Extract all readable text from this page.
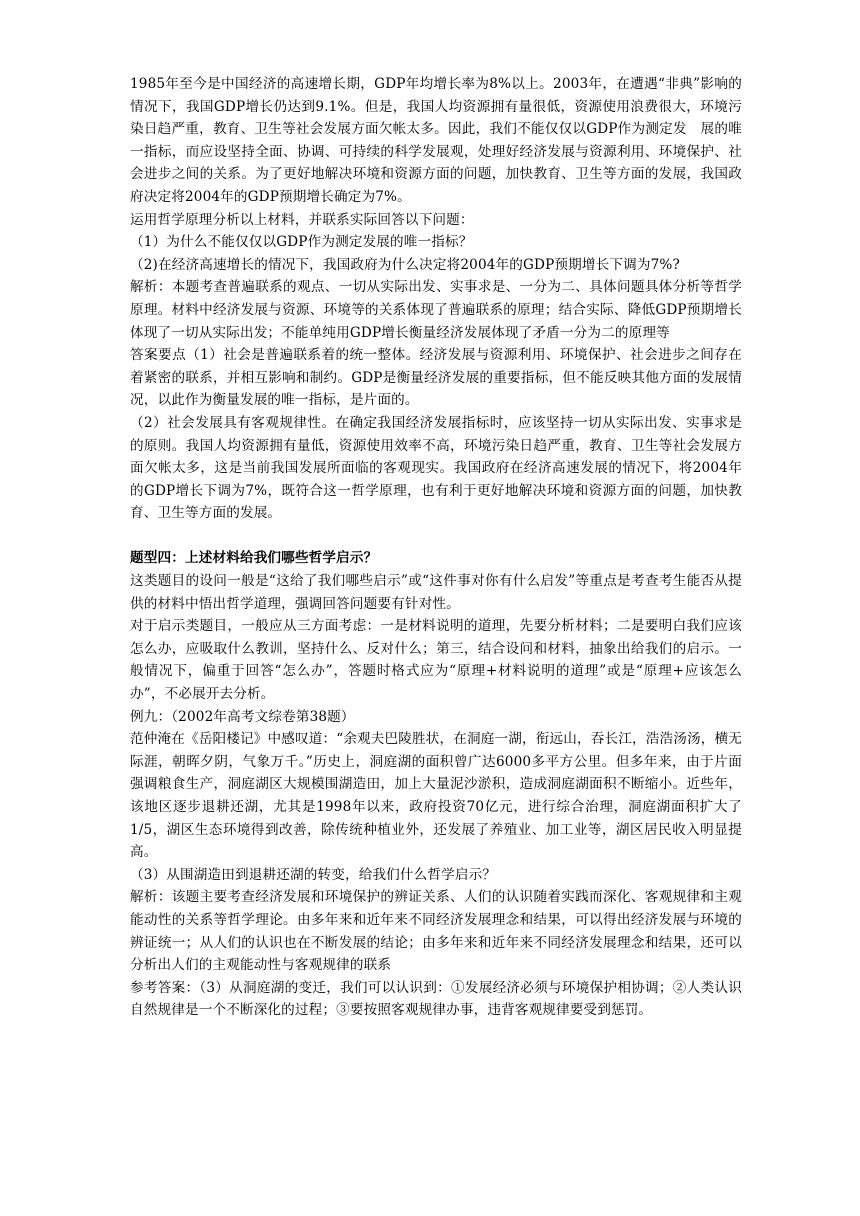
1985年至今是中国经济的高速增长期，GDP年均增长率为8%以上。2003年，在遭遇“非典”影响的情况下，我国GDP增长仍达到9.1%。但是，我国人均资源拥有量很低，资源使用浪费很大，环境污染日趋严重，教育、卫生等社会发展方面欠帐太多。因此，我们不能仅仅以GDP作为测定发　展的唯一指标，而应设坚持全面、协调、可持续的科学发展观，处理好经济发展与资源利用、环境保护、社会进步之间的关系。为了更好地解决环境和资源方面的问题，加快教育、卫生等方面的发展，我国政府决定将2004年的GDP预期增长确定为7%。

运用哲学原理分析以上材料，并联系实际回答以下问题：

（1）为什么不能仅仅以GDP作为测定发展的唯一指标？

（2)在经济高速增长的情况下，我国政府为什么决定将2004年的GDP预期增长下调为7%?

解析：本题考查普遍联系的观点、一切从实际出发、实事求是、一分为二、具体问题具体分析等哲学原理。材料中经济发展与资源、环境等的关系体现了普遍联系的原理；结合实际、降低GDP预期增长体现了一切从实际出发；不能单纯用GDP增长衡量经济发展体现了矛盾一分为二的原理等

答案要点（1）社会是普遍联系着的统一整体。经济发展与资源利用、环境保护、社会进步之间存在着紧密的联系，并相互影响和制约。GDP是衡量经济发展的重要指标，但不能反映其他方面的发展情况，以此作为衡量发展的唯一指标，是片面的。

（2）社会发展具有客观规律性。在确定我国经济发展指标时，应该坚持一切从实际出发、实事求是的原则。我国人均资源拥有量低，资源使用效率不高，环境污染日趋严重，教育、卫生等社会发展方面欠帐太多，这是当前我国发展所面临的客观现实。我国政府在经济高速发展的情况下，将2004年的GDP增长下调为7%，既符合这一哲学原理，也有利于更好地解决环境和资源方面的问题，加快教育、卫生等方面的发展。

题型四：上述材料给我们哪些哲学启示？

这类题目的设问一般是“这给了我们哪些启示”或“这件事对你有什么启发”等重点是考查考生能否从提供的材料中悟出哲学道理，强调回答问题要有针对性。

对于启示类题目，一般应从三方面考虑：一是材料说明的道理，先要分析材料；二是要明白我们应该怎么办，应吸取什么教训，坚持什么、反对什么；第三，结合设问和材料，抽象出给我们的启示。一般情况下，偏重于回答“怎么办”，答题时格式应为“原理+材料说明的道理”或是“原理+应该怎么办”，不必展开去分析。

例九：（2002年高考文综卷第38题）

范仲淹在《岳阳楼记》中感叹道：“余观夫巴陵胜状，在洞庭一湖，衔远山，吞长江，浩浩汤汤，横无际涯，朝晖夕阴，气象万千。”历史上，洞庭湖的面积曾广达6000多平方公里。但多年来，由于片面强调粮食生产，洞庭湖区大规模围湖造田，加上大量泥沙淤积，造成洞庭湖面积不断缩小。近些年，该地区逐步退耕还湖，尤其是1998年以来，政府投资70亿元，进行综合治理，洞庭湖面积扩大了1/5，湖区生态环境得到改善，除传统种植业外，还发展了养殖业、加工业等，湖区居民收入明显提高。

（3）从围湖造田到退耕还湖的转变，给我们什么哲学启示？

解析：该题主要考查经济发展和环境保护的辨证关系、人们的认识随着实践而深化、客观规律和主观能动性的关系等哲学理论。由多年来和近年来不同经济发展理念和结果，可以得出经济发展与环境的辨证统一；从人们的认识也在不断发展的结论；由多年来和近年来不同经济发展理念和结果，还可以分析出人们的主观能动性与客观规律的联系

参考答案：（3）从洞庭湖的变迁，我们可以认识到：①发展经济必须与环境保护相协调；②人类认识自然规律是一个不断深化的过程；③要按照客观规律办事，违背客观规律要受到惩罚。
